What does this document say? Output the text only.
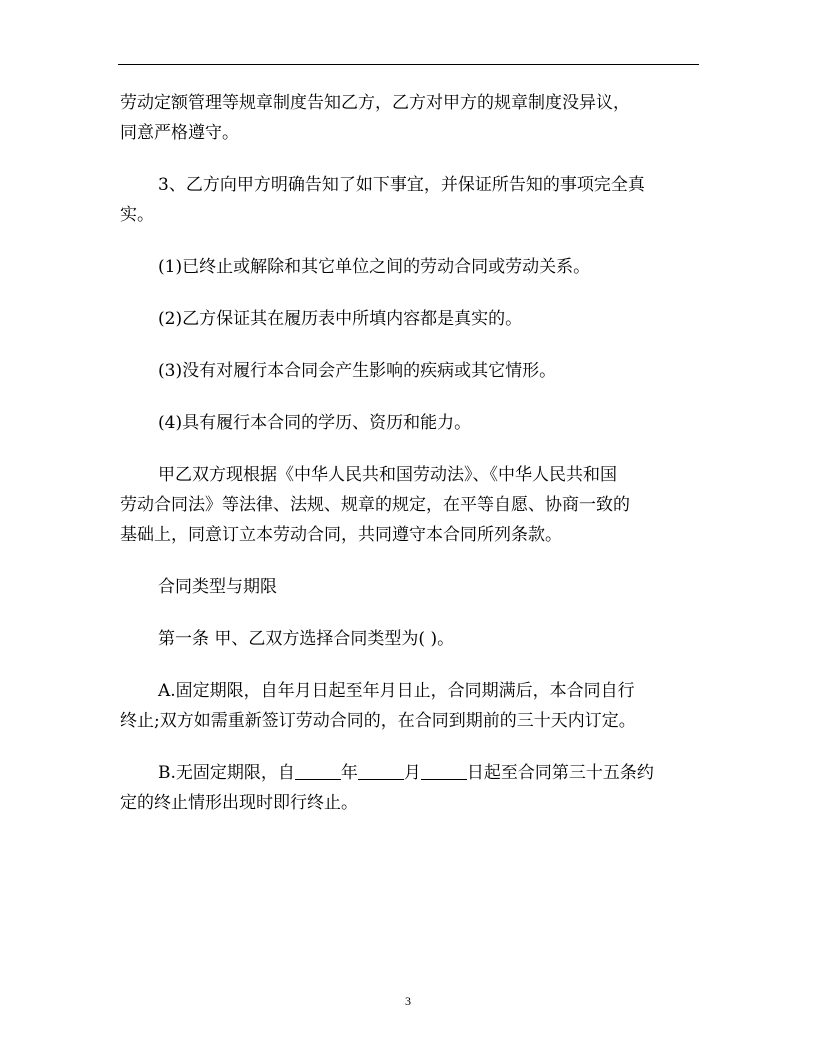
劳动定额管理等规章制度告知乙方，乙方对甲方的规章制度没异议，
同意严格遵守。
3、乙方向甲方明确告知了如下事宜，并保证所告知的事项完全真
实。
(1)已终止或解除和其它单位之间的劳动合同或劳动关系。
(2)乙方保证其在履历表中所填内容都是真实的。
(3)没有对履行本合同会产生影响的疾病或其它情形。
(4)具有履行本合同的学历、资历和能力。
甲乙双方现根据《中华人民共和国劳动法》、《中华人民共和国
劳动合同法》等法律、法规、规章的规定，在平等自愿、协商一致的
基础上，同意订立本劳动合同，共同遵守本合同所列条款。
合同类型与期限
第一条 甲、乙双方选择合同类型为( )。
A.固定期限，自年月日起至年月日止，合同期满后，本合同自行
终止;双方如需重新签订劳动合同的，在合同到期前的三十天内订定。
B.无固定期限，自	年	月	日起至合同第三十五条约
定的终止情形出现时即行终止。
3
